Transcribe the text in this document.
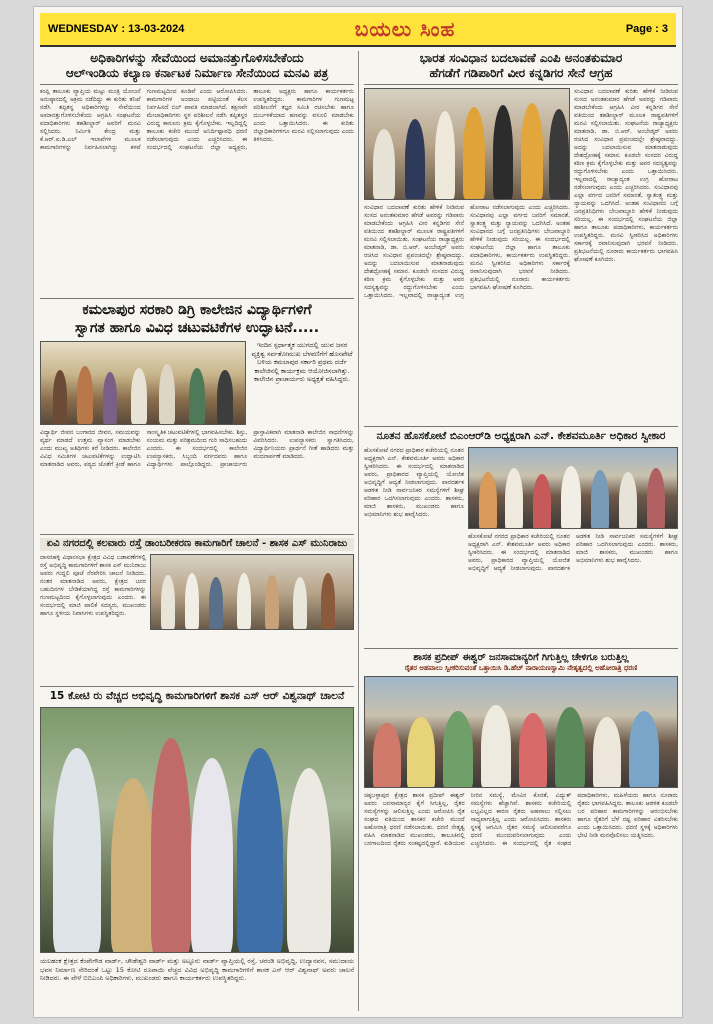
WEDNESDAY : 13-03-2024	ಬಯಲು ಸಿಂಹ	Page : 3
ಅಧಿಕಾರಿಗಳನ್ನು ಸೇವೆಯಿಂದ ಅಮಾನತ್ತುಗೊಳಿಸಬೇಕೆಂದು
ಆಲ್ಇಂಡಿಯ ಕಲ್ಯಾಣ ಕರ್ನಾಟಕ ನಿರ್ಮಾಣ ಸೇನೆಯಿಂದ ಮನವಿ ಪತ್ರ
ಕಂಪ್ಲಿ ತಾಲೂಕು ವ್ಯಾಪ್ತಿಯ ಮಟ್ಟು ಮಂತ್ರಿ ಯೋಜನೆ ಅನುಷ್ಠಾನದಲ್ಲಿ ಅಕ್ರಮ ನಡೆದಿದ್ದು ಈ ಕುರಿತು ತನಿಖೆ ನಡೆಸಿ ತಪ್ಪಿತಸ್ಥ ಅಧಿಕಾರಿಗಳನ್ನು ಸೇವೆಯಿಂದ ಅಮಾನತ್ತುಗೊಳಿಸಬೇಕೆಂದು ಆಗ್ರಹಿಸಿ ಸಂಘಟನೆಯ ಪದಾಧಿಕಾರಿಗಳು ತಹಶೀಲ್ದಾರ್ ಅವರಿಗೆ ಮನವಿ ಸಲ್ಲಿಸಿದರು. ನಿರ್ಮಿತಿ ಕೇಂದ್ರ ಮತ್ತು ಕೆ.ಆರ್.ಐ.ಡಿ.ಎಲ್ ಇಲಾಖೆಗಳ ಮೂಲಕ ಕಾಮಗಾರಿಗಳನ್ನು ನಿರ್ವಹಿಸಲಾಗಿದ್ದು ಕಳಪೆ ಗುಣಮಟ್ಟದಿಂದ ಕೂಡಿವೆ ಎಂದು ಆರೋಪಿಸಿದರು. ಕಾಮಗಾರಿಗಳ ಅಂದಾಜು ಪಟ್ಟಿಯಂತೆ ಕೆಲಸ ನಿರ್ವಹಿಸದೆ ಬಿಲ್ ಪಾವತಿ ಮಾಡಲಾಗಿದೆ. ತಕ್ಷಣವೇ ಮೇಲಾಧಿಕಾರಿಗಳು ಸ್ಥಳ ಪರಿಶೀಲನೆ ನಡೆಸಿ ತಪ್ಪಿತಸ್ಥರ ವಿರುದ್ಧ ಕಾನೂನು ಕ್ರಮ ಕೈಗೊಳ್ಳಬೇಕು. ಇಲ್ಲದಿದ್ದಲ್ಲಿ ತಾಲೂಕು ಕಚೇರಿ ಮುಂದೆ ಅನಿರ್ದಿಷ್ಟಾವಧಿ ಧರಣಿ ನಡೆಸಲಾಗುವುದು ಎಂದು ಎಚ್ಚರಿಸಿದರು. ಈ ಸಂದರ್ಭದಲ್ಲಿ ಸಂಘಟನೆಯ ಜಿಲ್ಲಾ ಅಧ್ಯಕ್ಷರು, ತಾಲೂಕು ಅಧ್ಯಕ್ಷರು ಹಾಗೂ ಕಾರ್ಯಕರ್ತರು ಉಪಸ್ಥಿತರಿದ್ದರು. ಕಾಮಗಾರಿಗಳ ಗುಣಮಟ್ಟ ಪರಿಶೀಲನೆಗೆ ತಜ್ಞರ ಸಮಿತಿ ರಚಿಸಬೇಕು ಹಾಗೂ ದುರ್ಬಳಕೆಯಾದ ಹಣವನ್ನು ವಸೂಲಿ ಮಾಡಬೇಕು ಎಂದು ಒತ್ತಾಯಿಸಿದರು. ಈ ಕುರಿತು ಜಿಲ್ಲಾಧಿಕಾರಿಗಳಿಗೂ ಮನವಿ ಸಲ್ಲಿಸಲಾಗುವುದು ಎಂದು ತಿಳಿಸಿದರು.
ಕಮಲಾಪುರ ಸರಕಾರಿ ಡಿಗ್ರಿ ಕಾಲೇಜಿನ ವಿದ್ಯಾರ್ಥಿಗಳಿಗೆ
ಸ್ವಾಗತ ಹಾಗೂ ವಿವಿಧ ಚಟುವಟಿಕೆಗಳ ಉದ್ಘಾಟನೆ.....
ಇಂದಿನ ಸ್ಪರ್ಧಾತ್ಮಕ ಯುಗದಲ್ಲಿ ಯುವ ಜನರ ವ್ಯಕ್ತಿತ್ವ ಸರ್ವತೋಮುಖ ಬೆಳವಣಿಗೆಗೆ ಹೊಸಪೇಟೆ ಬಳಿಯ ಕಮಲಾಪುರ ಸರ್ಕಾರಿ ಪ್ರಥಮ ದರ್ಜೆ ಕಾಲೇಜಿನಲ್ಲಿ ಕಾರ್ಯಕ್ರಮ ಆಯೋಜಿಸಲಾಗಿತ್ತು. ಕಾಲೇಜಿನ ಪ್ರಾಚಾರ್ಯರು ಅಧ್ಯಕ್ಷತೆ ವಹಿಸಿದ್ದರು.
ವಿದ್ಯಾರ್ಥಿ ಜೀವನ ಬಂಗಾರದ ಜೀವನ, ಸಮಯವನ್ನು ವ್ಯರ್ಥ ಮಾಡದೆ ಉತ್ತಮ ವ್ಯಾಸಂಗ ಮಾಡಬೇಕು ಎಂದು ಮುಖ್ಯ ಅತಿಥಿಗಳು ಕರೆ ನೀಡಿದರು. ಕಾಲೇಜಿನ ವಿವಿಧ ಸಮಿತಿಗಳ ಚಟುವಟಿಕೆಗಳನ್ನು ಉದ್ಘಾಟಿಸಿ ಮಾತನಾಡಿದ ಅವರು, ಪಠ್ಯದ ಜೊತೆಗೆ ಕ್ರೀಡೆ ಹಾಗೂ ಸಾಂಸ್ಕೃತಿಕ ಚಟುವಟಿಕೆಗಳಲ್ಲಿ ಭಾಗವಹಿಸಬೇಕು. ಶಿಸ್ತು, ಸಂಯಮ ಮತ್ತು ಪರಿಶ್ರಮದಿಂದ ಗುರಿ ಸಾಧಿಸಬಹುದು ಎಂದರು. ಈ ಸಂದರ್ಭದಲ್ಲಿ ಕಾಲೇಜಿನ ಉಪನ್ಯಾಸಕರು, ಸಿಬ್ಬಂದಿ ವರ್ಗದವರು ಹಾಗೂ ವಿದ್ಯಾರ್ಥಿಗಳು ಪಾಲ್ಗೊಂಡಿದ್ದರು. ಪ್ರಾಚಾರ್ಯರು ಪ್ರಾಸ್ತಾವಿಕವಾಗಿ ಮಾತನಾಡಿ ಕಾಲೇಜಿನ ಸಾಧನೆಗಳನ್ನು ವಿವರಿಸಿದರು. ಉಪನ್ಯಾಸಕರು ಸ್ವಾಗತಿಸಿದರು, ವಿದ್ಯಾರ್ಥಿನಿಯರು ಪ್ರಾರ್ಥನೆ ಗೀತೆ ಹಾಡಿದರು ಮತ್ತು ವಂದನಾರ್ಪಣೆ ಮಾಡಿದರು.
ಏವಿ ನಗರದಲ್ಲಿ ಕಲವಾರು ರಸ್ತೆ ಡಾಂಬರೀಕರಣ ಕಾಮಗಾರಿಗೆ ಚಾಲನೆ - ಶಾಸಕ ಎಸ್ ಮುನಿರಾಜು
ದಾಸರಹಳ್ಳಿ ವಿಧಾನಸಭಾ ಕ್ಷೇತ್ರದ ವಿವಿಧ ಬಡಾವಣೆಗಳಲ್ಲಿ ರಸ್ತೆ ಅಭಿವೃದ್ಧಿ ಕಾಮಗಾರಿಗಳಿಗೆ ಶಾಸಕ ಎಸ್ ಮುನಿರಾಜು ಅವರು ಗುದ್ದಲಿ ಪೂಜೆ ನೆರವೇರಿಸಿ ಚಾಲನೆ ನೀಡಿದರು. ನಂತರ ಮಾತನಾಡಿದ ಅವರು, ಕ್ಷೇತ್ರದ ಜನರ ಬಹುದಿನಗಳ ಬೇಡಿಕೆಯಾಗಿದ್ದ ರಸ್ತೆ ಕಾಮಗಾರಿಗಳನ್ನು ಗುಣಮಟ್ಟದಿಂದ ಕೈಗೊಳ್ಳಲಾಗುವುದು ಎಂದರು. ಈ ಸಂದರ್ಭದಲ್ಲಿ ಮಾಜಿ ಪಾಲಿಕೆ ಸದಸ್ಯರು, ಮುಖಂಡರು ಹಾಗೂ ಸ್ಥಳೀಯ ನಿವಾಸಿಗಳು ಉಪಸ್ಥಿತರಿದ್ದರು.
15 ಕೋಟಿ ರು ವೆಚ್ಚದ ಅಭಿವೃದ್ಧಿ ಕಾಮಗಾರಿಗಳಿಗೆ ಶಾಸಕ ಎಸ್ ಆರ್ ವಿಶ್ವನಾಥ್ ಚಾಲನೆ
ಯಲಹಂಕ ಕ್ಷೇತ್ರದ ಕೆಂಪೇಗೌಡ ವಾರ್ಡ್, ಚೌಡೇಶ್ವರಿ ವಾರ್ಡ್ ಮತ್ತು ಅಟ್ಟೂರು ವಾರ್ಡ್ ವ್ಯಾಪ್ತಿಯಲ್ಲಿ ರಸ್ತೆ, ಚರಂಡಿ ಅಭಿವೃದ್ಧಿ, ಉದ್ಯಾನವನ, ಸಮುದಾಯ ಭವನ ನಿರ್ಮಾಣ ಸೇರಿದಂತೆ ಒಟ್ಟು 15 ಕೋಟಿ ರೂಪಾಯಿ ವೆಚ್ಚದ ವಿವಿಧ ಅಭಿವೃದ್ಧಿ ಕಾಮಗಾರಿಗಳಿಗೆ ಶಾಸಕ ಎಸ್ ಆರ್ ವಿಶ್ವನಾಥ್ ಅವರು ಚಾಲನೆ ನೀಡಿದರು. ಈ ವೇಳೆ ಬಿಬಿಎಂಪಿ ಅಧಿಕಾರಿಗಳು, ಮುಖಂಡರು ಹಾಗೂ ಕಾರ್ಯಕರ್ತರು ಉಪಸ್ಥಿತರಿದ್ದರು.
ಭಾರತ ಸಂವಿಧಾನ ಬದಲಾವಣೆ ಎಂಪಿ ಅನಂತಕುಮಾರ
ಹೆಗಡೆಗೆ ಗಡಿಪಾರಿಗೆ ವೀರ ಕನ್ನಡಿಗರ ಸೇನೆ ಆಗ್ರಹ
ಸಂವಿಧಾನ ಬದಲಾವಣೆ ಕುರಿತು ಹೇಳಿಕೆ ನೀಡಿರುವ ಸಂಸದ ಅನಂತಕುಮಾರ ಹೆಗಡೆ ಅವರನ್ನು ಗಡಿಪಾರು ಮಾಡಬೇಕೆಂದು ಆಗ್ರಹಿಸಿ ವೀರ ಕನ್ನಡಿಗರ ಸೇನೆ ವತಿಯಿಂದ ತಹಶೀಲ್ದಾರ್ ಮೂಲಕ ರಾಷ್ಟ್ರಪತಿಗಳಿಗೆ ಮನವಿ ಸಲ್ಲಿಸಲಾಯಿತು. ಸಂಘಟನೆಯ ರಾಜ್ಯಾಧ್ಯಕ್ಷರು ಮಾತನಾಡಿ, ಡಾ. ಬಿ.ಆರ್. ಅಂಬೇಡ್ಕರ್ ಅವರು ರಚಿಸಿದ ಸಂವಿಧಾನ ಪ್ರಪಂಚದಲ್ಲೇ ಶ್ರೇಷ್ಠವಾದದ್ದು. ಅದನ್ನು ಬದಲಾಯಿಸುವ ಮಾತನಾಡುವುದು ದೇಶದ್ರೋಹಕ್ಕೆ ಸಮಾನ. ಕೂಡಲೇ ಸಂಸದರ ವಿರುದ್ಧ ಕಠಿಣ ಕ್ರಮ ಕೈಗೊಳ್ಳಬೇಕು ಮತ್ತು ಅವರ ಸದಸ್ಯತ್ವವನ್ನು ರದ್ದುಗೊಳಿಸಬೇಕು ಎಂದು ಒತ್ತಾಯಿಸಿದರು. ಇಲ್ಲವಾದಲ್ಲಿ ರಾಜ್ಯಾದ್ಯಂತ ಉಗ್ರ ಹೋರಾಟ ನಡೆಸಲಾಗುವುದು ಎಂದು ಎಚ್ಚರಿಸಿದರು. ಸಂವಿಧಾನವು ಎಲ್ಲಾ ವರ್ಗದ ಜನರಿಗೆ ಸಮಾನತೆ, ಸ್ವಾತಂತ್ರ್ಯ ಮತ್ತು ನ್ಯಾಯವನ್ನು ಒದಗಿಸಿದೆ. ಅಂತಹ ಸಂವಿಧಾನದ ಬಗ್ಗೆ ಜನಪ್ರತಿನಿಧಿಗಳು ಬೇಜವಾಬ್ದಾರಿ ಹೇಳಿಕೆ ನೀಡುವುದು ಸರಿಯಲ್ಲ. ಈ ಸಂದರ್ಭದಲ್ಲಿ ಸಂಘಟನೆಯ ಜಿಲ್ಲಾ ಹಾಗೂ ತಾಲೂಕು ಪದಾಧಿಕಾರಿಗಳು, ಕಾರ್ಯಕರ್ತರು ಉಪಸ್ಥಿತರಿದ್ದರು. ಮನವಿ ಸ್ವೀಕರಿಸಿದ ಅಧಿಕಾರಿಗಳು ಸರ್ಕಾರಕ್ಕೆ ರವಾನಿಸುವುದಾಗಿ ಭರವಸೆ ನೀಡಿದರು. ಪ್ರತಿಭಟನೆಯಲ್ಲಿ ನೂರಾರು ಕಾರ್ಯಕರ್ತರು ಭಾಗವಹಿಸಿ ಘೋಷಣೆ ಕೂಗಿದರು.
ಸಂವಿಧಾನ ಬದಲಾವಣೆ ಕುರಿತು ಹೇಳಿಕೆ ನೀಡಿರುವ ಸಂಸದ ಅನಂತಕುಮಾರ ಹೆಗಡೆ ಅವರನ್ನು ಗಡಿಪಾರು ಮಾಡಬೇಕೆಂದು ಆಗ್ರಹಿಸಿ ವೀರ ಕನ್ನಡಿಗರ ಸೇನೆ ವತಿಯಿಂದ ತಹಶೀಲ್ದಾರ್ ಮೂಲಕ ರಾಷ್ಟ್ರಪತಿಗಳಿಗೆ ಮನವಿ ಸಲ್ಲಿಸಲಾಯಿತು. ಸಂಘಟನೆಯ ರಾಜ್ಯಾಧ್ಯಕ್ಷರು ಮಾತನಾಡಿ, ಡಾ. ಬಿ.ಆರ್. ಅಂಬೇಡ್ಕರ್ ಅವರು ರಚಿಸಿದ ಸಂವಿಧಾನ ಪ್ರಪಂಚದಲ್ಲೇ ಶ್ರೇಷ್ಠವಾದದ್ದು. ಅದನ್ನು ಬದಲಾಯಿಸುವ ಮಾತನಾಡುವುದು ದೇಶದ್ರೋಹಕ್ಕೆ ಸಮಾನ. ಕೂಡಲೇ ಸಂಸದರ ವಿರುದ್ಧ ಕಠಿಣ ಕ್ರಮ ಕೈಗೊಳ್ಳಬೇಕು ಮತ್ತು ಅವರ ಸದಸ್ಯತ್ವವನ್ನು ರದ್ದುಗೊಳಿಸಬೇಕು ಎಂದು ಒತ್ತಾಯಿಸಿದರು. ಇಲ್ಲವಾದಲ್ಲಿ ರಾಜ್ಯಾದ್ಯಂತ ಉಗ್ರ ಹೋರಾಟ ನಡೆಸಲಾಗುವುದು ಎಂದು ಎಚ್ಚರಿಸಿದರು. ಸಂವಿಧಾನವು ಎಲ್ಲಾ ವರ್ಗದ ಜನರಿಗೆ ಸಮಾನತೆ, ಸ್ವಾತಂತ್ರ್ಯ ಮತ್ತು ನ್ಯಾಯವನ್ನು ಒದಗಿಸಿದೆ. ಅಂತಹ ಸಂವಿಧಾನದ ಬಗ್ಗೆ ಜನಪ್ರತಿನಿಧಿಗಳು ಬೇಜವಾಬ್ದಾರಿ ಹೇಳಿಕೆ ನೀಡುವುದು ಸರಿಯಲ್ಲ. ಈ ಸಂದರ್ಭದಲ್ಲಿ ಸಂಘಟನೆಯ ಜಿಲ್ಲಾ ಹಾಗೂ ತಾಲೂಕು ಪದಾಧಿಕಾರಿಗಳು, ಕಾರ್ಯಕರ್ತರು ಉಪಸ್ಥಿತರಿದ್ದರು. ಮನವಿ ಸ್ವೀಕರಿಸಿದ ಅಧಿಕಾರಿಗಳು ಸರ್ಕಾರಕ್ಕೆ ರವಾನಿಸುವುದಾಗಿ ಭರವಸೆ ನೀಡಿದರು. ಪ್ರತಿಭಟನೆಯಲ್ಲಿ ನೂರಾರು ಕಾರ್ಯಕರ್ತರು ಭಾಗವಹಿಸಿ ಘೋಷಣೆ ಕೂಗಿದರು.
ನೂತನ ಹೊಸಕೋಟೆ ಬಿಎಂಆರ್‌ಡಿ ಅಧ್ಯಕ್ಷರಾಗಿ ಎನ್. ಕೇಶವಮೂರ್ತಿ ಅಧಿಕಾರ ಸ್ವೀಕಾರ
ಹೊಸಕೋಟೆ ನಗರದ ಪ್ರಾಧಿಕಾರ ಕಚೇರಿಯಲ್ಲಿ ನೂತನ ಅಧ್ಯಕ್ಷರಾಗಿ ಎನ್. ಕೇಶವಮೂರ್ತಿ ಅವರು ಅಧಿಕಾರ ಸ್ವೀಕರಿಸಿದರು. ಈ ಸಂದರ್ಭದಲ್ಲಿ ಮಾತನಾಡಿದ ಅವರು, ಪ್ರಾಧಿಕಾರದ ವ್ಯಾಪ್ತಿಯಲ್ಲಿ ಯೋಜಿತ ಅಭಿವೃದ್ಧಿಗೆ ಆದ್ಯತೆ ನೀಡಲಾಗುವುದು. ಪಾರದರ್ಶಕ ಆಡಳಿತ ನೀಡಿ ಸಾರ್ವಜನಿಕರ ಸಮಸ್ಯೆಗಳಿಗೆ ಶೀಘ್ರ ಪರಿಹಾರ ಒದಗಿಸಲಾಗುವುದು ಎಂದರು. ಶಾಸಕರು, ಮಾಜಿ ಶಾಸಕರು, ಮುಖಂಡರು ಹಾಗೂ ಅಭಿಮಾನಿಗಳು ಶುಭ ಹಾರೈಸಿದರು.
ಹೊಸಕೋಟೆ ನಗರದ ಪ್ರಾಧಿಕಾರ ಕಚೇರಿಯಲ್ಲಿ ನೂತನ ಅಧ್ಯಕ್ಷರಾಗಿ ಎನ್. ಕೇಶವಮೂರ್ತಿ ಅವರು ಅಧಿಕಾರ ಸ್ವೀಕರಿಸಿದರು. ಈ ಸಂದರ್ಭದಲ್ಲಿ ಮಾತನಾಡಿದ ಅವರು, ಪ್ರಾಧಿಕಾರದ ವ್ಯಾಪ್ತಿಯಲ್ಲಿ ಯೋಜಿತ ಅಭಿವೃದ್ಧಿಗೆ ಆದ್ಯತೆ ನೀಡಲಾಗುವುದು. ಪಾರದರ್ಶಕ ಆಡಳಿತ ನೀಡಿ ಸಾರ್ವಜನಿಕರ ಸಮಸ್ಯೆಗಳಿಗೆ ಶೀಘ್ರ ಪರಿಹಾರ ಒದಗಿಸಲಾಗುವುದು ಎಂದರು. ಶಾಸಕರು, ಮಾಜಿ ಶಾಸಕರು, ಮುಖಂಡರು ಹಾಗೂ ಅಭಿಮಾನಿಗಳು ಶುಭ ಹಾರೈಸಿದರು.
ಶಾಸಕ ಪ್ರದೀಪ್ ಈಶ್ವರ್ ಜನಸಾಮಾನ್ಯರಿಗೆ ಗಿಗುತ್ತಿಲ್ಲ ಚೇಳಿಗೂ ಬರುತ್ತಿಲ್ಲ
ರೈತರ ಅಹವಾಲು ಸ್ವೀಕರಿಸುವಂತೆ ಒತ್ತಾಯಿಸಿ ಡಿ.ಹೆಚ್ ನಾರಾಯಣಸ್ವಾಮಿ ನೇತೃತ್ವದಲ್ಲಿ ಅಹೋರಾತ್ರಿ ಧರಣಿ
ಚಿಕ್ಕಬಳ್ಳಾಪುರ ಕ್ಷೇತ್ರದ ಶಾಸಕ ಪ್ರದೀಪ್ ಈಶ್ವರ್ ಅವರು ಜನಸಾಮಾನ್ಯರ ಕೈಗೆ ಸಿಗುತ್ತಿಲ್ಲ, ರೈತರ ಸಮಸ್ಯೆಗಳನ್ನು ಆಲಿಸುತ್ತಿಲ್ಲ ಎಂದು ಆರೋಪಿಸಿ ರೈತ ಸಂಘದ ವತಿಯಿಂದ ಶಾಸಕರ ಕಚೇರಿ ಮುಂದೆ ಅಹೋರಾತ್ರಿ ಧರಣಿ ನಡೆಸಲಾಯಿತು. ಧರಣಿ ನೇತೃತ್ವ ವಹಿಸಿ ಮಾತನಾಡಿದ ಮುಖಂಡರು, ತಾಲೂಕಿನಲ್ಲಿ ಬರಗಾಲದಿಂದ ರೈತರು ಸಂಕಷ್ಟದಲ್ಲಿದ್ದಾರೆ. ಕುಡಿಯುವ ನೀರಿನ ಸಮಸ್ಯೆ, ಮೇವಿನ ಕೊರತೆ, ವಿದ್ಯುತ್ ಸಮಸ್ಯೆಗಳು ಹೆಚ್ಚಾಗಿವೆ. ಶಾಸಕರು ಕಚೇರಿಯಲ್ಲಿ ಲಭ್ಯವಿಲ್ಲದ ಕಾರಣ ರೈತರು ಅಹವಾಲು ಸಲ್ಲಿಸಲು ಸಾಧ್ಯವಾಗುತ್ತಿಲ್ಲ ಎಂದು ಆರೋಪಿಸಿದರು. ಶಾಸಕರು ಸ್ಥಳಕ್ಕೆ ಆಗಮಿಸಿ ರೈತರ ಸಮಸ್ಯೆ ಆಲಿಸುವವರೆಗೂ ಧರಣಿ ಮುಂದುವರಿಸಲಾಗುವುದು ಎಂದು ಎಚ್ಚರಿಸಿದರು. ಈ ಸಂದರ್ಭದಲ್ಲಿ ರೈತ ಸಂಘದ ಪದಾಧಿಕಾರಿಗಳು, ಮಹಿಳೆಯರು ಹಾಗೂ ನೂರಾರು ರೈತರು ಭಾಗವಹಿಸಿದ್ದರು. ತಾಲೂಕು ಆಡಳಿತ ಕೂಡಲೇ ಬರ ಪರಿಹಾರ ಕಾಮಗಾರಿಗಳನ್ನು ಆರಂಭಿಸಬೇಕು ಹಾಗೂ ರೈತರಿಗೆ ಬೆಳೆ ನಷ್ಟ ಪರಿಹಾರ ವಿತರಿಸಬೇಕು ಎಂದು ಒತ್ತಾಯಿಸಿದರು. ಧರಣಿ ಸ್ಥಳಕ್ಕೆ ಅಧಿಕಾರಿಗಳು ಭೇಟಿ ನೀಡಿ ಮನವೊಲಿಸಲು ಯತ್ನಿಸಿದರು.
